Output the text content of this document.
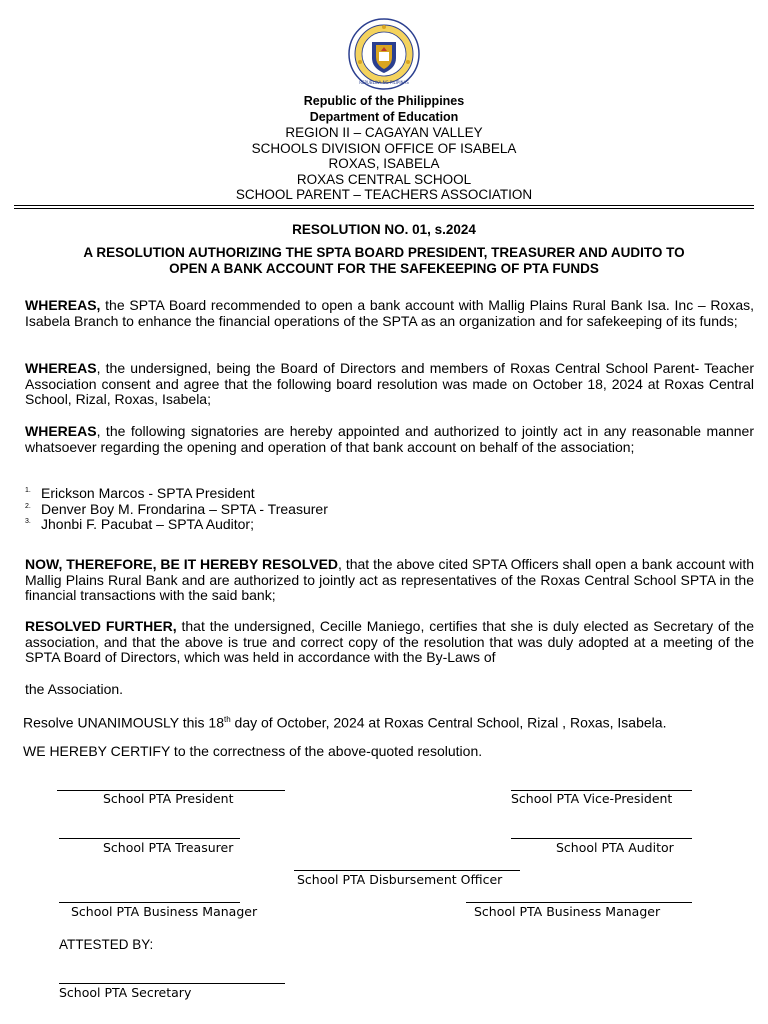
REPUBLIKA NG PILIPINAS
Republic of the Philippines
Department of Education
REGION II – CAGAYAN VALLEY
SCHOOLS DIVISION OFFICE OF ISABELA
ROXAS, ISABELA
ROXAS CENTRAL SCHOOL
SCHOOL PARENT – TEACHERS ASSOCIATION
RESOLUTION NO. 01, s.2024
A RESOLUTION AUTHORIZING THE SPTA BOARD PRESIDENT, TREASURER AND AUDITO TO
OPEN A BANK ACCOUNT FOR THE SAFEKEEPING OF PTA FUNDS
WHEREAS, the SPTA Board recommended to open a bank account with Mallig Plains Rural Bank Isa. Inc – Roxas, Isabela Branch to enhance the financial operations of the SPTA as an organization and for safekeeping of its funds;
WHEREAS, the undersigned, being the Board of Directors and members of Roxas Central School Parent- Teacher Association consent and agree that the following board resolution was made on October 18, 2024 at Roxas Central School, Rizal, Roxas, Isabela;
WHEREAS, the following signatories are hereby appointed and authorized to jointly act in any reasonable manner whatsoever regarding the opening and operation of that bank account on behalf of the association;
1. Erickson Marcos - SPTA President
2. Denver Boy M. Frondarina – SPTA - Treasurer
3. Jhonbi F. Pacubat – SPTA Auditor;
NOW, THEREFORE, BE IT HEREBY RESOLVED, that the above cited SPTA Officers shall open a bank account with Mallig Plains Rural Bank and are authorized to jointly act as representatives of the Roxas Central School SPTA in the financial transactions with the said bank;
RESOLVED FURTHER, that the undersigned, Cecille Maniego, certifies that she is duly elected as Secretary of the association, and that the above is true and correct copy of the resolution that was duly adopted at a meeting of the SPTA Board of Directors, which was held in accordance with the By-Laws of
the Association.
Resolve UNANIMOUSLY this 18th day of October, 2024 at Roxas Central School, Rizal , Roxas, Isabela.
WE HEREBY CERTIFY to the correctness of the above-quoted resolution.
School PTA President	School PTA Vice-President
School PTA Treasurer	School PTA Auditor
School PTA Disbursement Officer
School PTA Business Manager	School PTA Business Manager
ATTESTED BY:
School PTA Secretary
